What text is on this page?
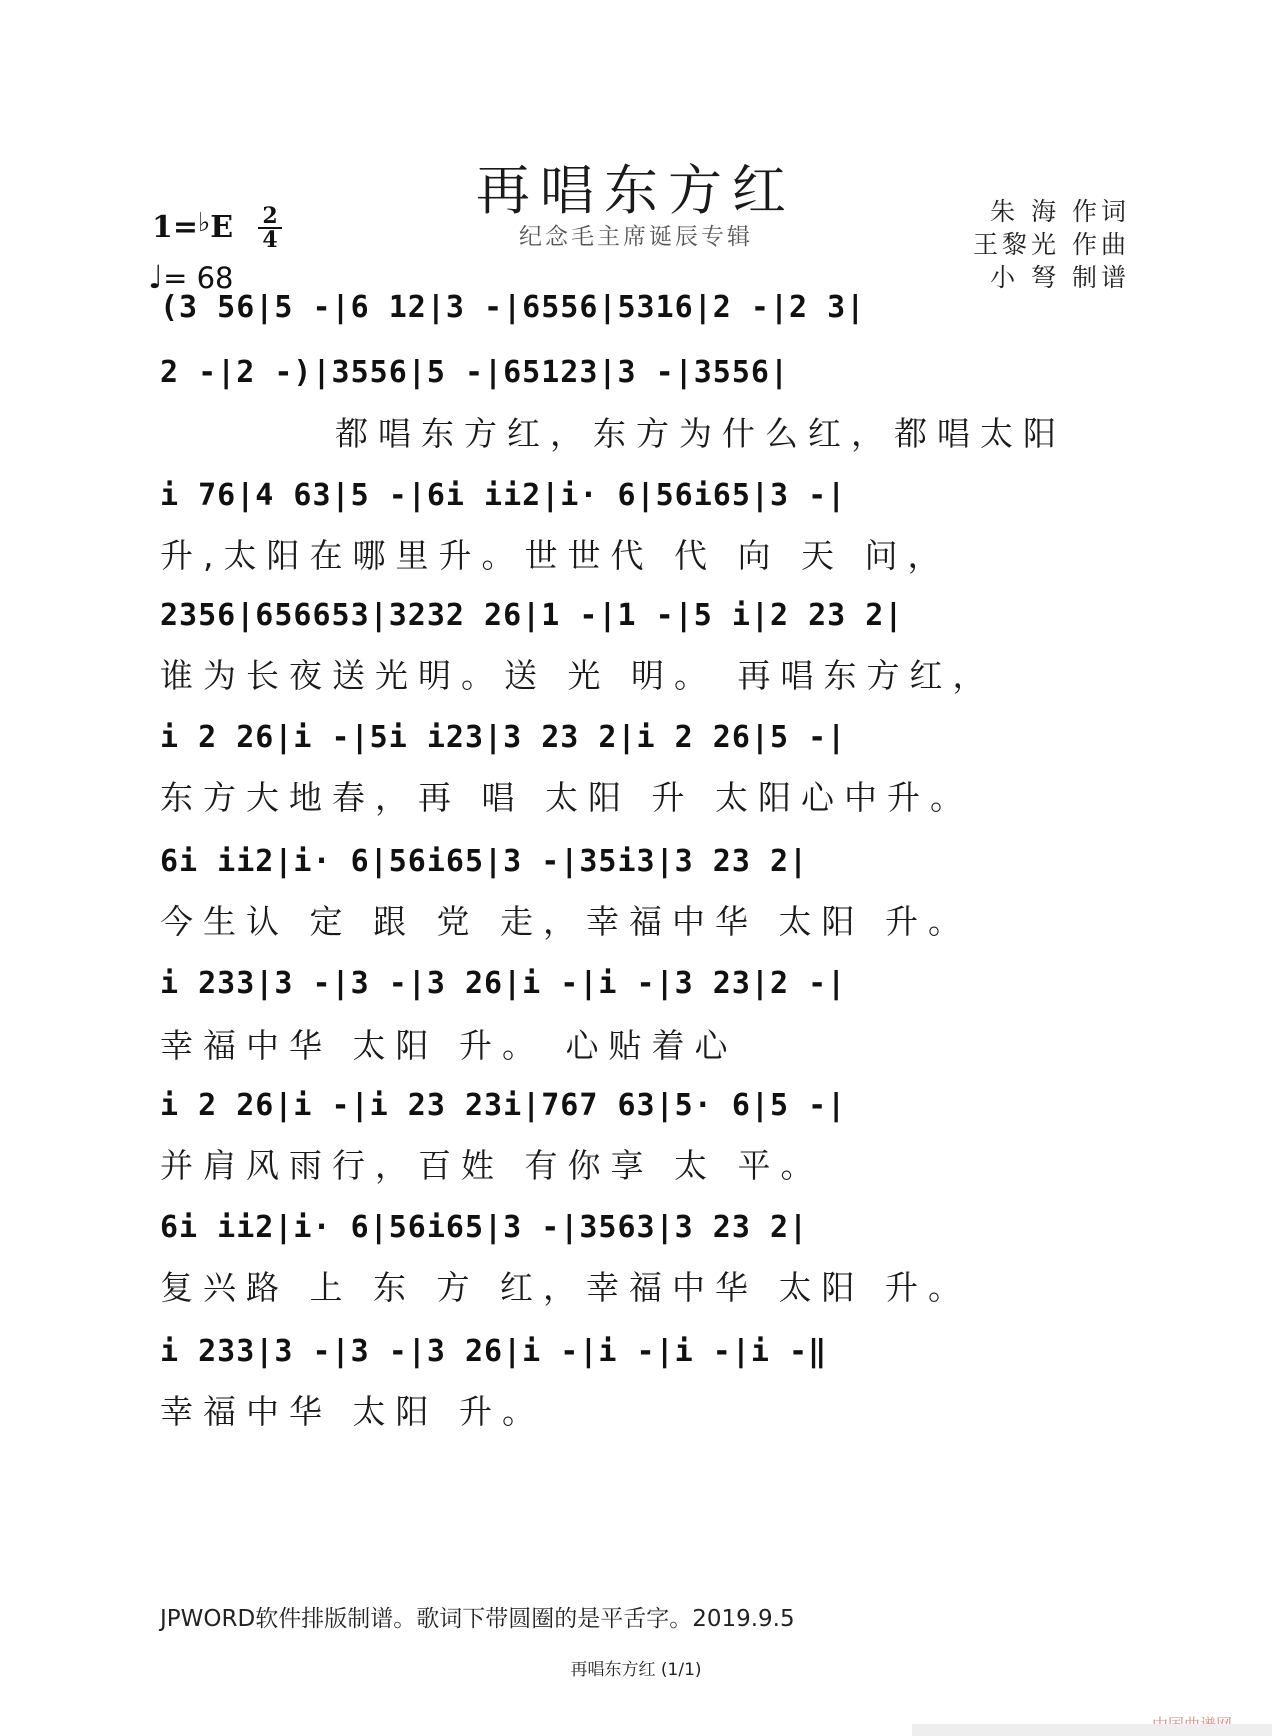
再唱东方红
纪念毛主席诞辰专辑
朱 海 作词
王黎光 作曲
小 弩 制谱
1=♭E 2
4
♩= 68
(3 56|5 -|6 12|3 -|6556|5316|2 -|2 3|
2 -|2 -)|3556|5 -|65123|3 -|3556|
都唱东方红，东方为什么红，都唱太阳
i 76|4 63|5 -|6i ii2|i· 6|56i65|3 -|
升,太阳在哪里升。世世代 代 向 天 问，
2356|656653|3232 26|1 -|1 -|5 i|2 23 2|
谁为长夜送光明。送 光 明。 再唱东方红，
i 2 26|i -|5i i23|3 23 2|i 2 26|5 -|
东方大地春，再 唱 太阳 升 太阳心中升。
6i ii2|i· 6|56i65|3 -|35i3|3 23 2|
今生认 定 跟 党 走，幸福中华 太阳 升。
i 233|3 -|3 -|3 26|i -|i -|3 23|2 -|
幸福中华 太阳 升。 心贴着心
i 2 26|i -|i 23 23i|767 63|5· 6|5 -|
并肩风雨行，百姓 有你享 太 平。
6i ii2|i· 6|56i65|3 -|3563|3 23 2|
复兴路 上 东 方 红，幸福中华 太阳 升。
i 233|3 -|3 -|3 26|i -|i -|i -|i -‖
幸福中华 太阳 升。
JPWORD软件排版制谱。歌词下带圆圈的是平舌字。2019.9.5
再唱东方红 (1/1)
